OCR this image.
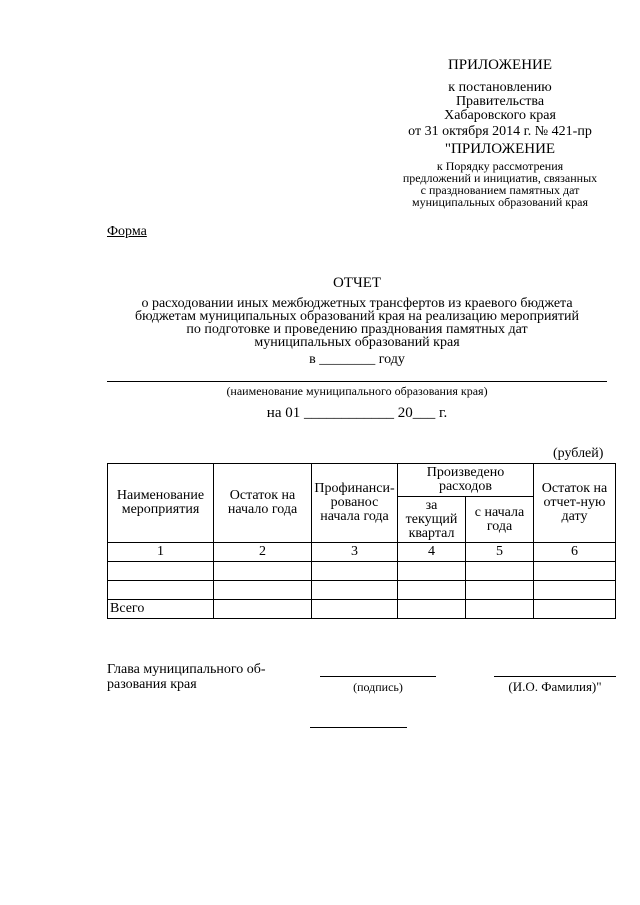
ПРИЛОЖЕНИЕ
к постановлению
Правительства
Хабаровского края
от 31 октября 2014 г. № 421-пр
"ПРИЛОЖЕНИЕ
к Порядку рассмотрения
предложений и инициатив, связанных
с празднованием памятных дат
муниципальных образований края
Форма
ОТЧЕТ
о расходовании иных межбюджетных трансфертов из краевого бюджета
бюджетам муниципальных образований края на реализацию мероприятий
по подготовке и проведению празднования памятных дат
муниципальных образований края
в ________ году
(наименование муниципального образования края)
на 01 ____________ 20___ г.
(рублей)
Наименование мероприятия	Остаток на начало года	Профинанси-рованос начала года	Произведено расходов		Остаток на отчет-ную дату
			за текущий квартал	с начала года	
1	2	3	4	5	6

Всего					
Глава муниципального об-
разования края	(подпись)	(И.О. Фамилия)"
